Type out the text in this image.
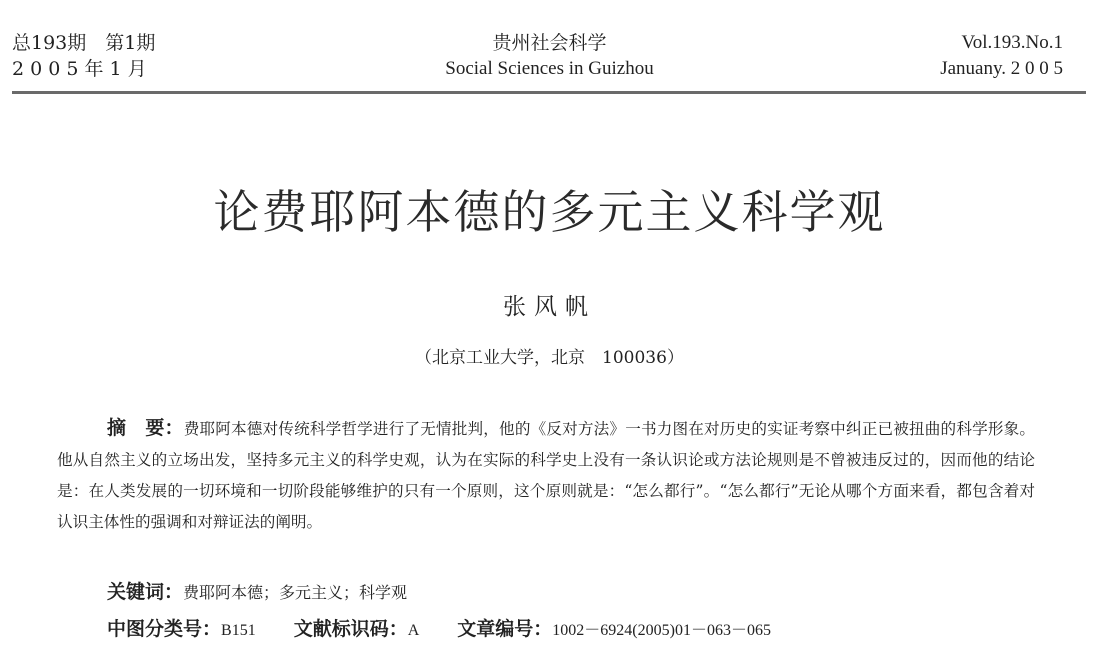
总193期　第1期
2 0 0 5 年 1 月
贵州社会科学
Social Sciences in Guizhou
Vol.193.No.1
Januany. 2 0 0 5
论费耶阿本德的多元主义科学观
张风帆
（北京工业大学，北京　100036）

摘　要：费耶阿本德对传统科学哲学进行了无情批判，他的《反对方法》一书力图在对历史的实证考察中纠正已被扭曲的科学形象。他从自然主义的立场出发，坚持多元主义的科学史观，认为在实际的科学史上没有一条认识论或方法论规则是不曾被违反过的，因而他的结论是：在人类发展的一切环境和一切阶段能够维护的只有一个原则，这个原则就是：“怎么都行”。“怎么都行”无论从哪个方面来看，都包含着对认识主体性的强调和对辩证法的阐明。

关键词：费耶阿本德；多元主义；科学观
中图分类号：B151 文献标识码：A 文章编号：1002－6924(2005)01－063－065
